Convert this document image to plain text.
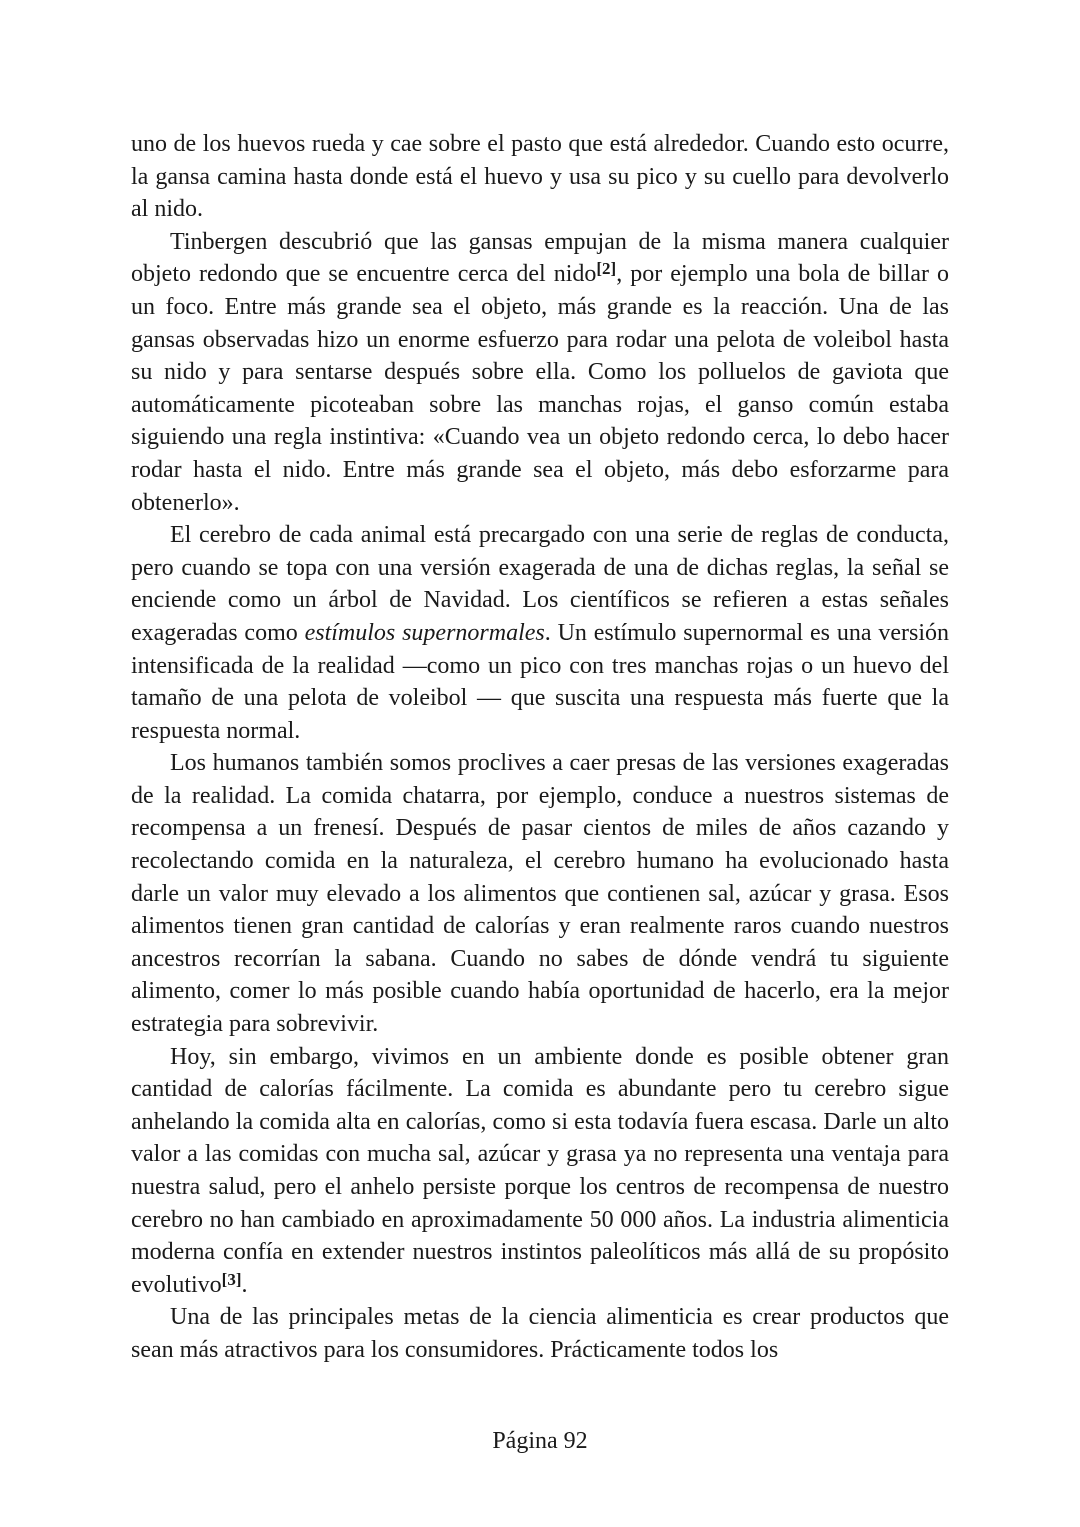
uno de los huevos rueda y cae sobre el pasto que está alrededor. Cuando esto ocurre, la gansa camina hasta donde está el huevo y usa su pico y su cuello para devolverlo al nido.

Tinbergen descubrió que las gansas empujan de la misma manera cualquier objeto redondo que se encuentre cerca del nido[2], por ejemplo una bola de billar o un foco. Entre más grande sea el objeto, más grande es la reacción. Una de las gansas observadas hizo un enorme esfuerzo para rodar una pelota de voleibol hasta su nido y para sentarse después sobre ella. Como los polluelos de gaviota que automáticamente picoteaban sobre las manchas rojas, el ganso común estaba siguiendo una regla instintiva: «Cuando vea un objeto redondo cerca, lo debo hacer rodar hasta el nido. Entre más grande sea el objeto, más debo esforzarme para obtenerlo».

El cerebro de cada animal está precargado con una serie de reglas de conducta, pero cuando se topa con una versión exagerada de una de dichas reglas, la señal se enciende como un árbol de Navidad. Los científicos se refieren a estas señales exageradas como estímulos supernormales. Un estímulo supernormal es una versión intensificada de la realidad —como un pico con tres manchas rojas o un huevo del tamaño de una pelota de voleibol — que suscita una respuesta más fuerte que la respuesta normal.

Los humanos también somos proclives a caer presas de las versiones exageradas de la realidad. La comida chatarra, por ejemplo, conduce a nuestros sistemas de recompensa a un frenesí. Después de pasar cientos de miles de años cazando y recolectando comida en la naturaleza, el cerebro humano ha evolucionado hasta darle un valor muy elevado a los alimentos que contienen sal, azúcar y grasa. Esos alimentos tienen gran cantidad de calorías y eran realmente raros cuando nuestros ancestros recorrían la sabana. Cuando no sabes de dónde vendrá tu siguiente alimento, comer lo más posible cuando había oportunidad de hacerlo, era la mejor estrategia para sobrevivir.

Hoy, sin embargo, vivimos en un ambiente donde es posible obtener gran cantidad de calorías fácilmente. La comida es abundante pero tu cerebro sigue anhelando la comida alta en calorías, como si esta todavía fuera escasa. Darle un alto valor a las comidas con mucha sal, azúcar y grasa ya no representa una ventaja para nuestra salud, pero el anhelo persiste porque los centros de recompensa de nuestro cerebro no han cambiado en aproximadamente 50 000 años. La industria alimenticia moderna confía en extender nuestros instintos paleolíticos más allá de su propósito evolutivo[3].

Una de las principales metas de la ciencia alimenticia es crear productos que sean más atractivos para los consumidores. Prácticamente todos los

Página 92
